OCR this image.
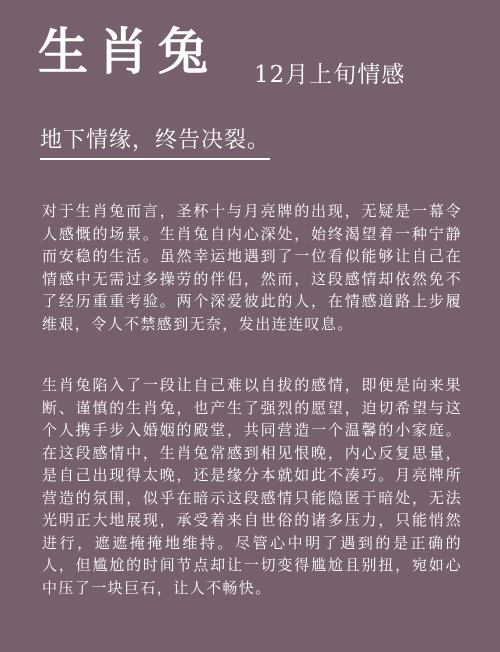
生肖兔 12月上旬情感
地下情缘，终告决裂。

对于生肖兔而言，圣杯十与月亮牌的出现，无疑是一幕令人感慨的场景。生肖兔自内心深处，始终渴望着一种宁静而安稳的生活。虽然幸运地遇到了一位看似能够让自己在情感中无需过多操劳的伴侣，然而，这段感情却依然免不了经历重重考验。两个深爱彼此的人，在情感道路上步履维艰，令人不禁感到无奈，发出连连叹息。

生肖兔陷入了一段让自己难以自拔的感情，即便是向来果断、谨慎的生肖兔，也产生了强烈的愿望，迫切希望与这个人携手步入婚姻的殿堂，共同营造一个温馨的小家庭。在这段感情中，生肖兔常感到相见恨晚，内心反复思量，是自己出现得太晚，还是缘分本就如此不凑巧。月亮牌所营造的氛围，似乎在暗示这段感情只能隐匿于暗处，无法光明正大地展现，承受着来自世俗的诸多压力，只能悄然进行，遮遮掩掩地维持。尽管心中明了遇到的是正确的人，但尴尬的时间节点却让一切变得尴尬且别扭，宛如心中压了一块巨石，让人不畅快。
